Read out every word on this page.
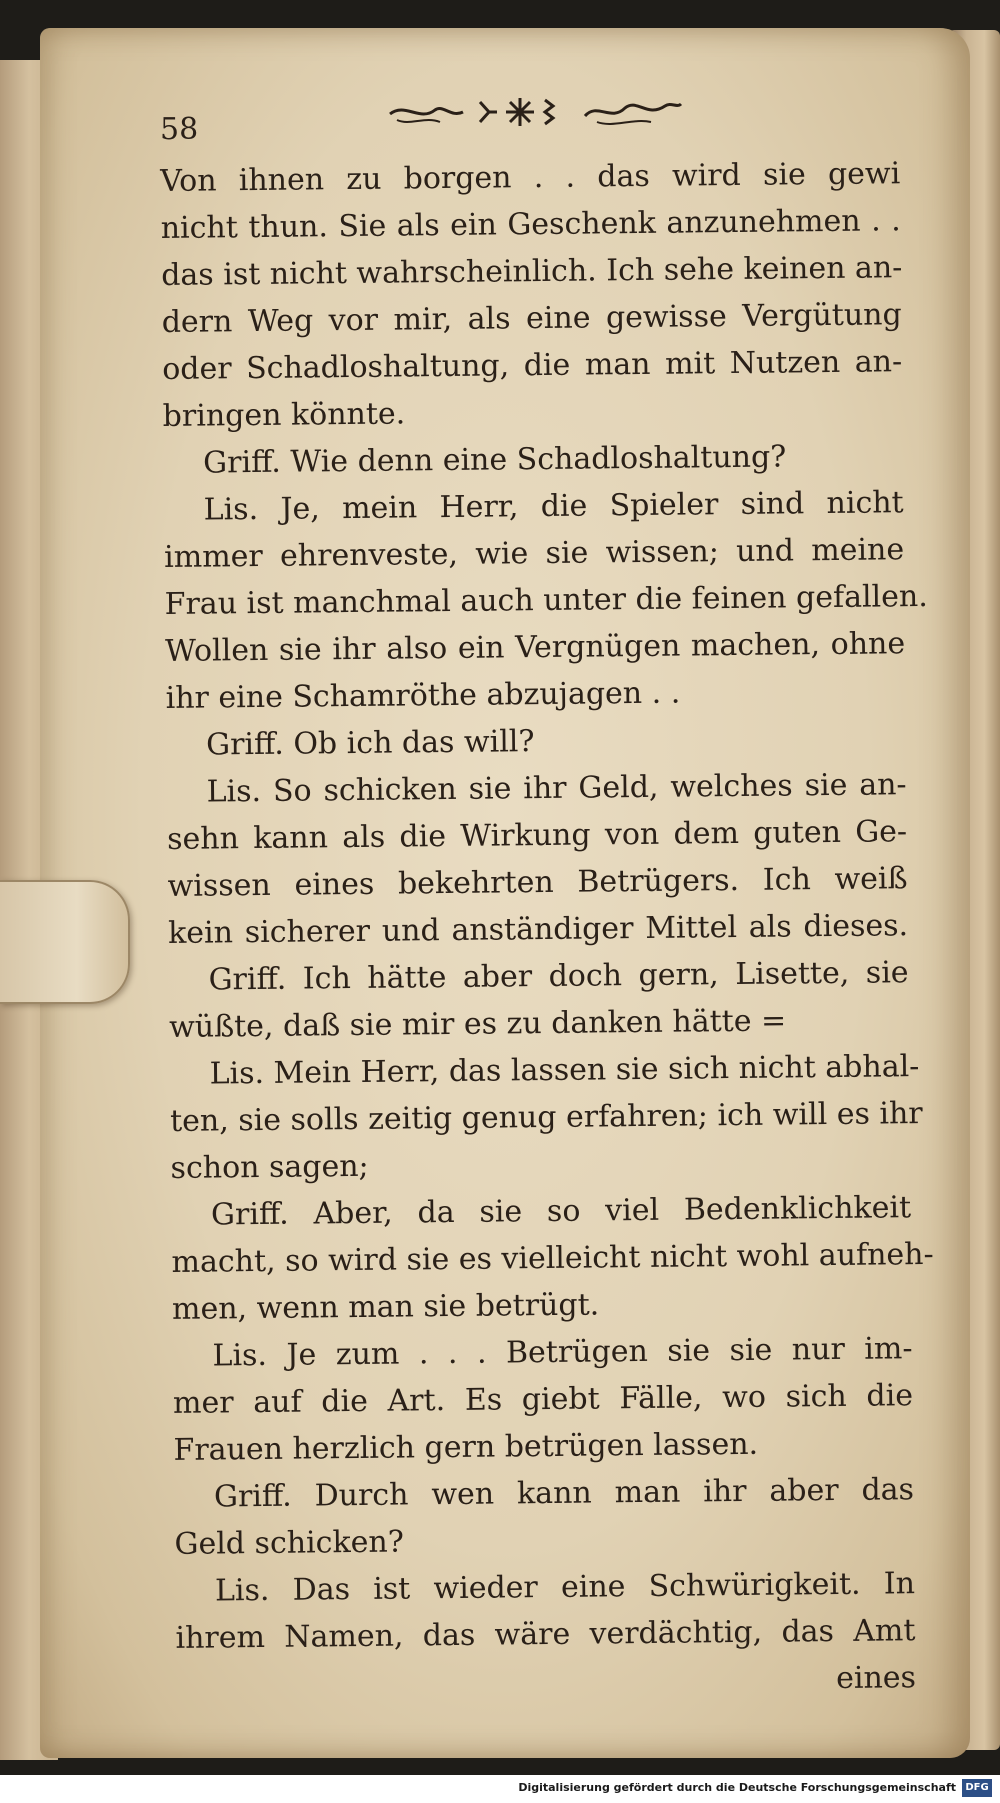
58
Von ihnen zu borgen . . das wird sie gewi
nicht thun. Sie als ein Geschenk anzunehmen . .
das ist nicht wahrscheinlich. Ich sehe keinen an-
dern Weg vor mir, als eine gewisse Vergütung
oder Schadloshaltung, die man mit Nutzen an-
bringen könnte.
Griff. Wie denn eine Schadloshaltung?
Lis. Je, mein Herr, die Spieler sind nicht
immer ehrenveste, wie sie wissen; und meine
Frau ist manchmal auch unter die feinen gefallen.
Wollen sie ihr also ein Vergnügen machen, ohne
ihr eine Schamröthe abzujagen . .
Griff. Ob ich das will?
Lis. So schicken sie ihr Geld, welches sie an-
sehn kann als die Wirkung von dem guten Ge-
wissen eines bekehrten Betrügers. Ich weiß
kein sicherer und anständiger Mittel als dieses.
Griff. Ich hätte aber doch gern, Lisette, sie
wüßte, daß sie mir es zu danken hätte =
Lis. Mein Herr, das lassen sie sich nicht abhal-
ten, sie solls zeitig genug erfahren; ich will es ihr
schon sagen;
Griff. Aber, da sie so viel Bedenklichkeit
macht, so wird sie es vielleicht nicht wohl aufneh-
men, wenn man sie betrügt.
Lis. Je zum . . . Betrügen sie sie nur im-
mer auf die Art. Es giebt Fälle, wo sich die
Frauen herzlich gern betrügen lassen.
Griff. Durch wen kann man ihr aber das
Geld schicken?
Lis. Das ist wieder eine Schwürigkeit. In
ihrem Namen, das wäre verdächtig, das Amt
eines
Digitalisierung gefördert durch die Deutsche Forschungsgemeinschaft DFG
